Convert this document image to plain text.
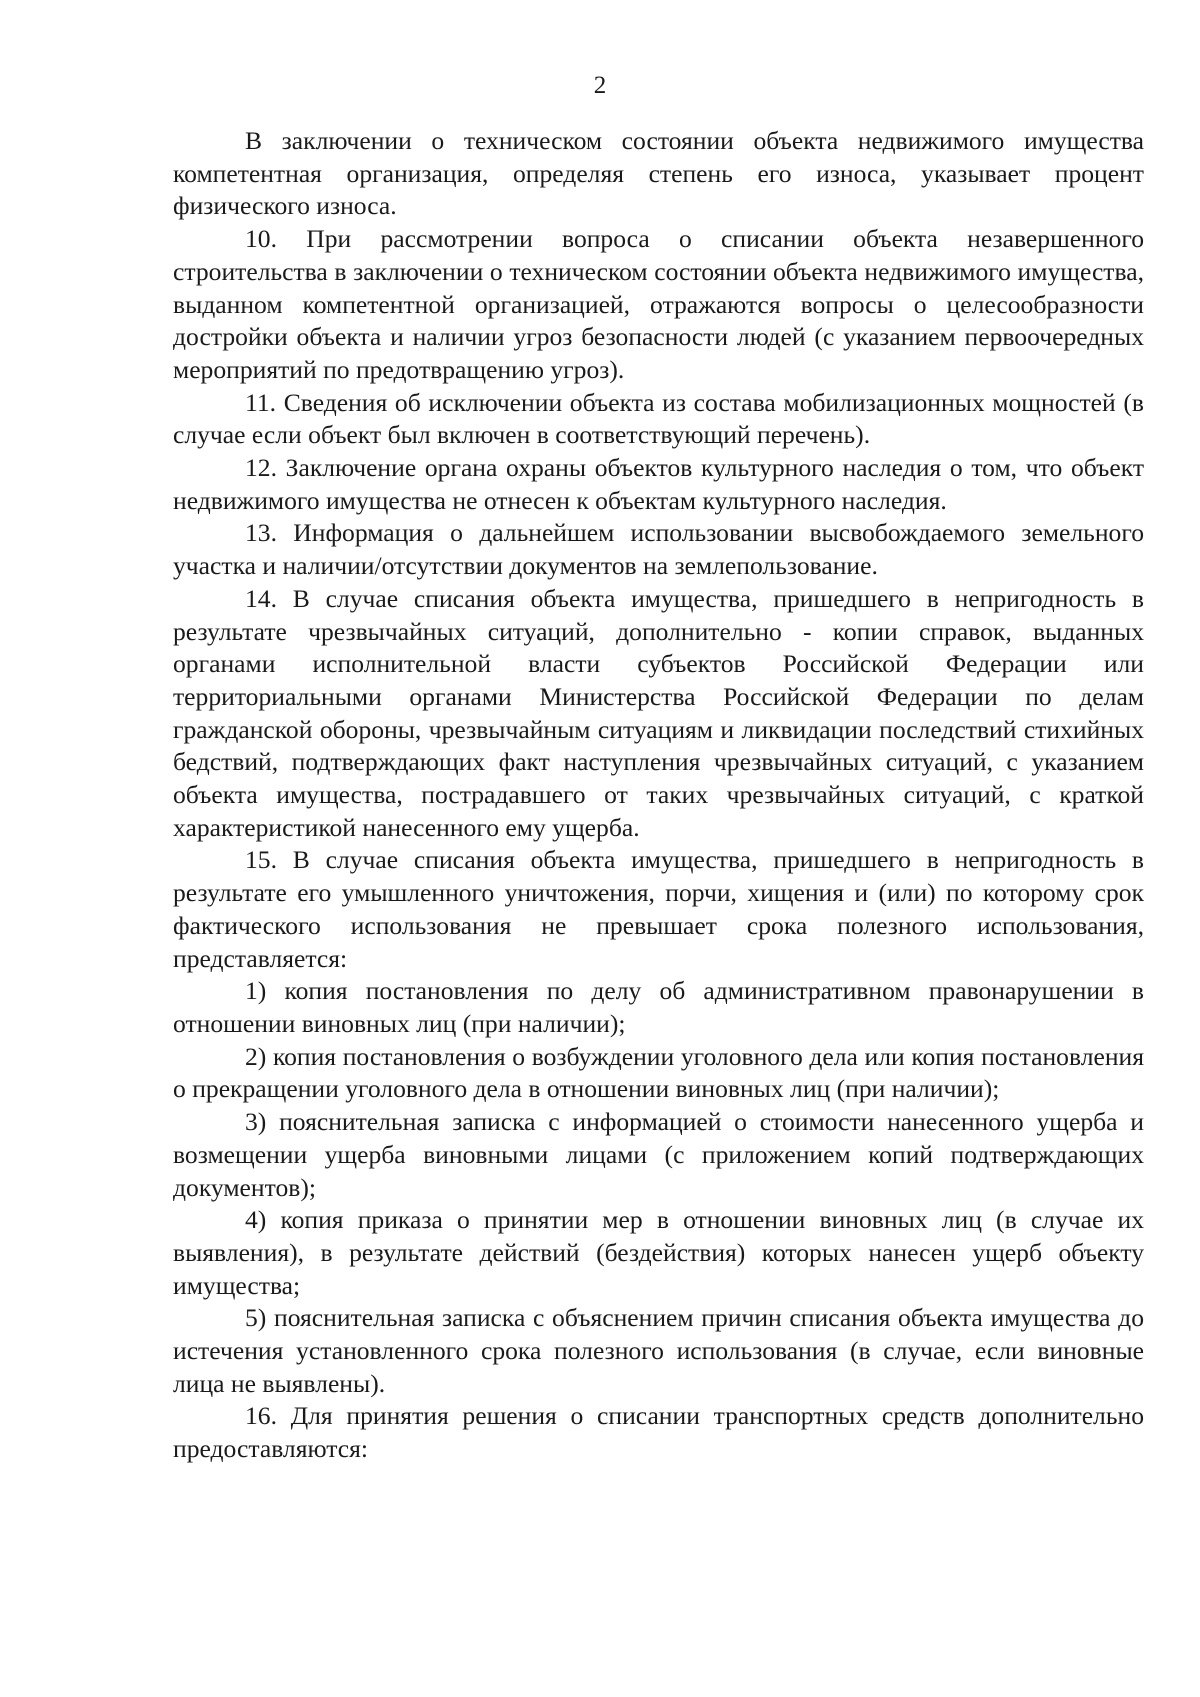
2

В заключении о техническом состоянии объекта недвижимого имущества компетентная организация, определяя степень его износа, указывает процент физического износа.

10. При рассмотрении вопроса о списании объекта незавершенного строительства в заключении о техническом состоянии объекта недвижимого имущества, выданном компетентной организацией, отражаются вопросы о целесообразности достройки объекта и наличии угроз безопасности людей (с указанием первоочередных мероприятий по предотвращению угроз).

11. Сведения об исключении объекта из состава мобилизационных мощностей (в случае если объект был включен в соответствующий перечень).

12. Заключение органа охраны объектов культурного наследия о том, что объект недвижимого имущества не отнесен к объектам культурного наследия.

13. Информация о дальнейшем использовании высвобождаемого земельного участка и наличии/отсутствии документов на землепользование.

14. В случае списания объекта имущества, пришедшего в непригодность в результате чрезвычайных ситуаций, дополнительно - копии справок, выданных органами исполнительной власти субъектов Российской Федерации или территориальными органами Министерства Российской Федерации по делам гражданской обороны, чрезвычайным ситуациям и ликвидации последствий стихийных бедствий, подтверждающих факт наступления чрезвычайных ситуаций, с указанием объекта имущества, пострадавшего от таких чрезвычайных ситуаций, с краткой характеристикой нанесенного ему ущерба.

15. В случае списания объекта имущества, пришедшего в непригодность в результате его умышленного уничтожения, порчи, хищения и (или) по которому срок фактического использования не превышает срока полезного использования, представляется:

1) копия постановления по делу об административном правонарушении в отношении виновных лиц (при наличии);

2) копия постановления о возбуждении уголовного дела или копия постановления о прекращении уголовного дела в отношении виновных лиц (при наличии);

3) пояснительная записка с информацией о стоимости нанесенного ущерба и возмещении ущерба виновными лицами (с приложением копий подтверждающих документов);

4) копия приказа о принятии мер в отношении виновных лиц (в случае их выявления), в результате действий (бездействия) которых нанесен ущерб объекту имущества;

5) пояснительная записка с объяснением причин списания объекта имущества до истечения установленного срока полезного использования (в случае, если виновные лица не выявлены).

16. Для принятия решения о списании транспортных средств дополнительно предоставляются:
